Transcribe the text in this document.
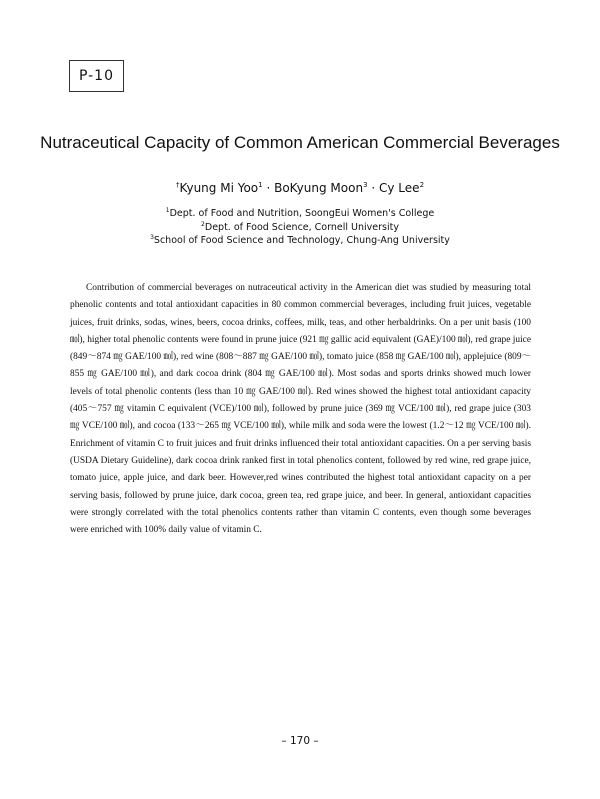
P-10
Nutraceutical Capacity of Common American Commercial Beverages
†Kyung Mi Yoo$^1$ · BoKyung Moon$^3$ · Cy Lee$^2$
$^1$Dept. of Food and Nutrition, SoongEui Women's College
$^2$Dept. of Food Science, Cornell University
$^3$School of Food Science and Technology, Chung-Ang University

Contribution of commercial beverages on nutraceutical activity in the American diet was studied by measuring total phenolic contents and total antioxidant capacities in 80 common commercial beverages, including fruit juices, vegetable juices, fruit drinks, sodas, wines, beers, cocoa drinks, coffees, milk, teas, and other herbaldrinks. On a per unit basis (100 ㏖), higher total phenolic contents were found in prune juice (921 ㎎ gallic acid equivalent (GAE)/100 ㏖), red grape juice (849～874 ㎎ GAE/100 ㏖), red wine (808～887 ㎎ GAE/100 ㏖), tomato juice (858 ㎎ GAE/100 ㏖), applejuice (809～855 ㎎ GAE/100 ㏖), and dark cocoa drink (804 ㎎ GAE/100 ㏖). Most sodas and sports drinks showed much lower levels of total phenolic contents (less than 10 ㎎ GAE/100 ㏖). Red wines showed the highest total antioxidant capacity (405～757 ㎎ vitamin C equivalent (VCE)/100 ㏖), followed by prune juice (369 ㎎ VCE/100 ㏖), red grape juice (303 ㎎ VCE/100 ㏖), and cocoa (133～265 ㎎ VCE/100 ㏖), while milk and soda were the lowest (1.2～12 ㎎ VCE/100 ㏖). Enrichment of vitamin C to fruit juices and fruit drinks influenced their total antioxidant capacities. On a per serving basis (USDA Dietary Guideline), dark cocoa drink ranked first in total phenolics content, followed by red wine, red grape juice, tomato juice, apple juice, and dark beer. However,red wines contributed the highest total antioxidant capacity on a per serving basis, followed by prune juice, dark cocoa, green tea, red grape juice, and beer. In general, antioxidant capacities were strongly correlated with the total phenolics contents rather than vitamin C contents, even though some beverages were enriched with 100% daily value of vitamin C.

– 170 –
